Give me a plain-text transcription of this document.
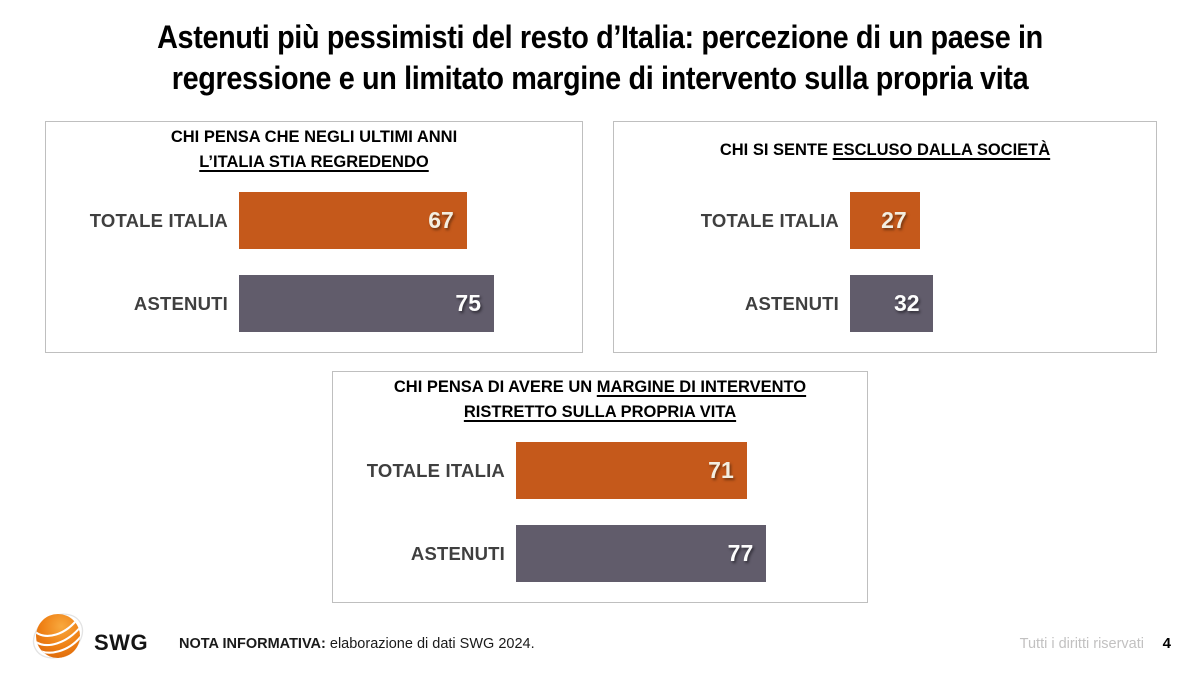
Astenuti più pessimisti del resto d’Italia: percezione di un paese in
regressione e un limitato margine di intervento sulla propria vita
CHI PENSA CHE NEGLI ULTIMI ANNI
L’ITALIA STIA REGREDENDO
TOTALE ITALIA	67
ASTENUTI	75
CHI SI SENTE ESCLUSO DALLA SOCIETÀ
TOTALE ITALIA	27
ASTENUTI	32
CHI PENSA DI AVERE UN MARGINE DI INTERVENTO
RISTRETTO SULLA PROPRIA VITA
TOTALE ITALIA	71
ASTENUTI	77
SWG NOTA INFORMATIVA: elaborazione di dati SWG 2024.	Tutti i diritti riservati 4
